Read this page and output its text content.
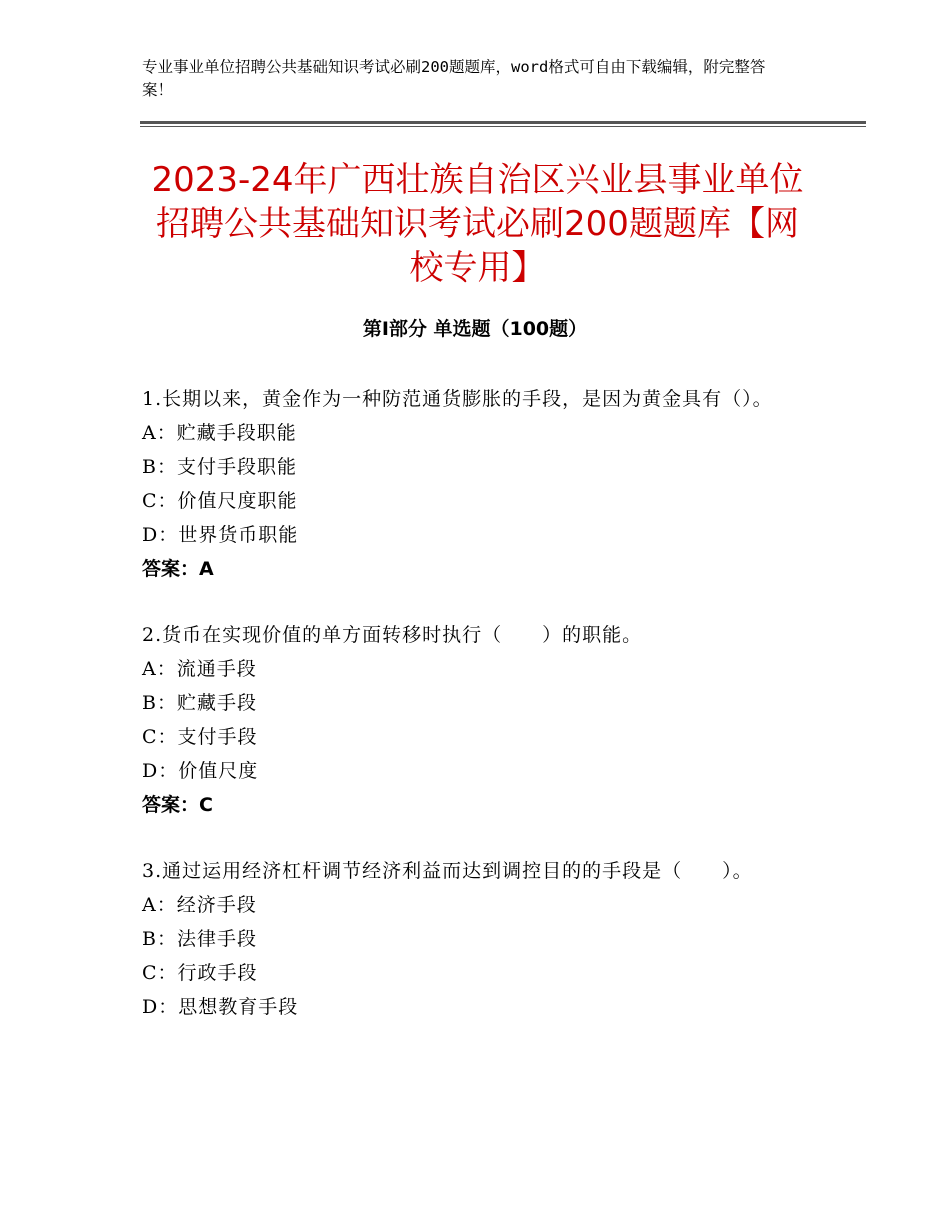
专业事业单位招聘公共基础知识考试必刷200题题库，word格式可自由下载编辑，附完整答案！
2023-24年广西壮族自治区兴业县事业单位招聘公共基础知识考试必刷200题题库【网校专用】
第Ⅰ部分 单选题（100题）
1.长期以来，黄金作为一种防范通货膨胀的手段，是因为黄金具有（）。
A：贮藏手段职能
B：支付手段职能
C：价值尺度职能
D：世界货币职能
答案：A
2.货币在实现价值的单方面转移时执行（　　）的职能。
A：流通手段
B：贮藏手段
C：支付手段
D：价值尺度
答案：C
3.通过运用经济杠杆调节经济利益而达到调控目的的手段是（　　）。
A：经济手段
B：法律手段
C：行政手段
D：思想教育手段
